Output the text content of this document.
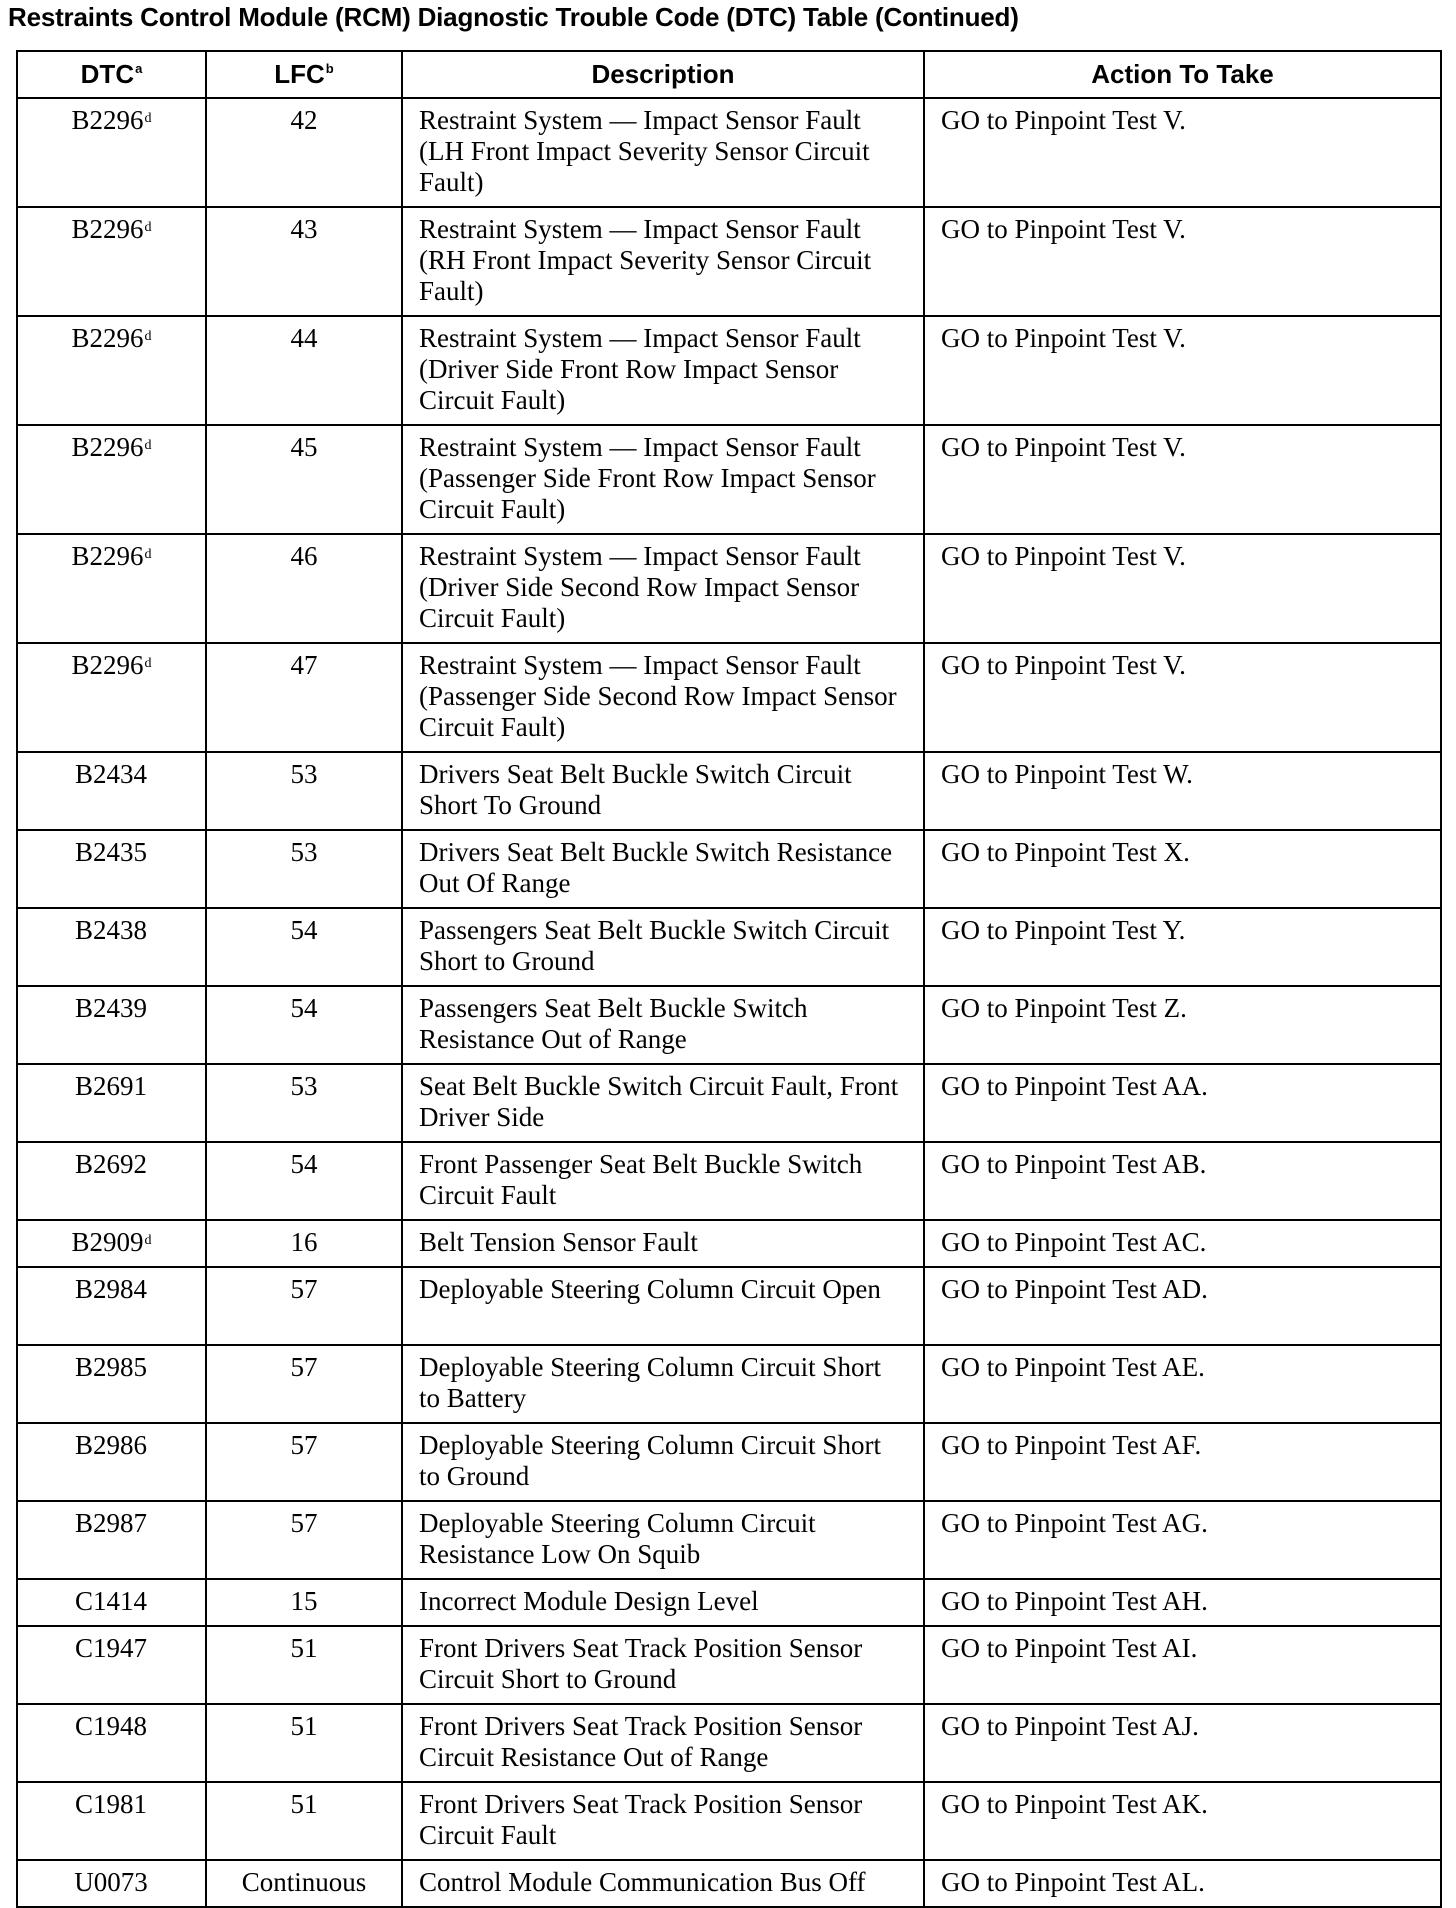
Restraints Control Module (RCM) Diagnostic Trouble Code (DTC) Table (Continued)
DTC$^a$	LFC$^b$	Description	Action To Take
B2296$^d$	42	Restraint System — Impact Sensor Fault (LH Front Impact Severity Sensor Circuit Fault)	GO to Pinpoint Test V.
B2296$^d$	43	Restraint System — Impact Sensor Fault (RH Front Impact Severity Sensor Circuit Fault)	GO to Pinpoint Test V.
B2296$^d$	44	Restraint System — Impact Sensor Fault (Driver Side Front Row Impact Sensor Circuit Fault)	GO to Pinpoint Test V.
B2296$^d$	45	Restraint System — Impact Sensor Fault (Passenger Side Front Row Impact Sensor Circuit Fault)	GO to Pinpoint Test V.
B2296$^d$	46	Restraint System — Impact Sensor Fault (Driver Side Second Row Impact Sensor Circuit Fault)	GO to Pinpoint Test V.
B2296$^d$	47	Restraint System — Impact Sensor Fault (Passenger Side Second Row Impact Sensor Circuit Fault)	GO to Pinpoint Test V.
B2434	53	Drivers Seat Belt Buckle Switch Circuit Short To Ground	GO to Pinpoint Test W.
B2435	53	Drivers Seat Belt Buckle Switch Resistance Out Of Range	GO to Pinpoint Test X.
B2438	54	Passengers Seat Belt Buckle Switch Circuit Short to Ground	GO to Pinpoint Test Y.
B2439	54	Passengers Seat Belt Buckle Switch Resistance Out of Range	GO to Pinpoint Test Z.
B2691	53	Seat Belt Buckle Switch Circuit Fault, Front Driver Side	GO to Pinpoint Test AA.
B2692	54	Front Passenger Seat Belt Buckle Switch Circuit Fault	GO to Pinpoint Test AB.
B2909$^d$	16	Belt Tension Sensor Fault	GO to Pinpoint Test AC.
B2984	57	Deployable Steering Column Circuit Open	GO to Pinpoint Test AD.
B2985	57	Deployable Steering Column Circuit Short to Battery	GO to Pinpoint Test AE.
B2986	57	Deployable Steering Column Circuit Short to Ground	GO to Pinpoint Test AF.
B2987	57	Deployable Steering Column Circuit Resistance Low On Squib	GO to Pinpoint Test AG.
C1414	15	Incorrect Module Design Level	GO to Pinpoint Test AH.
C1947	51	Front Drivers Seat Track Position Sensor Circuit Short to Ground	GO to Pinpoint Test AI.
C1948	51	Front Drivers Seat Track Position Sensor Circuit Resistance Out of Range	GO to Pinpoint Test AJ.
C1981	51	Front Drivers Seat Track Position Sensor Circuit Fault	GO to Pinpoint Test AK.
U0073	Continuous	Control Module Communication Bus Off	GO to Pinpoint Test AL.
